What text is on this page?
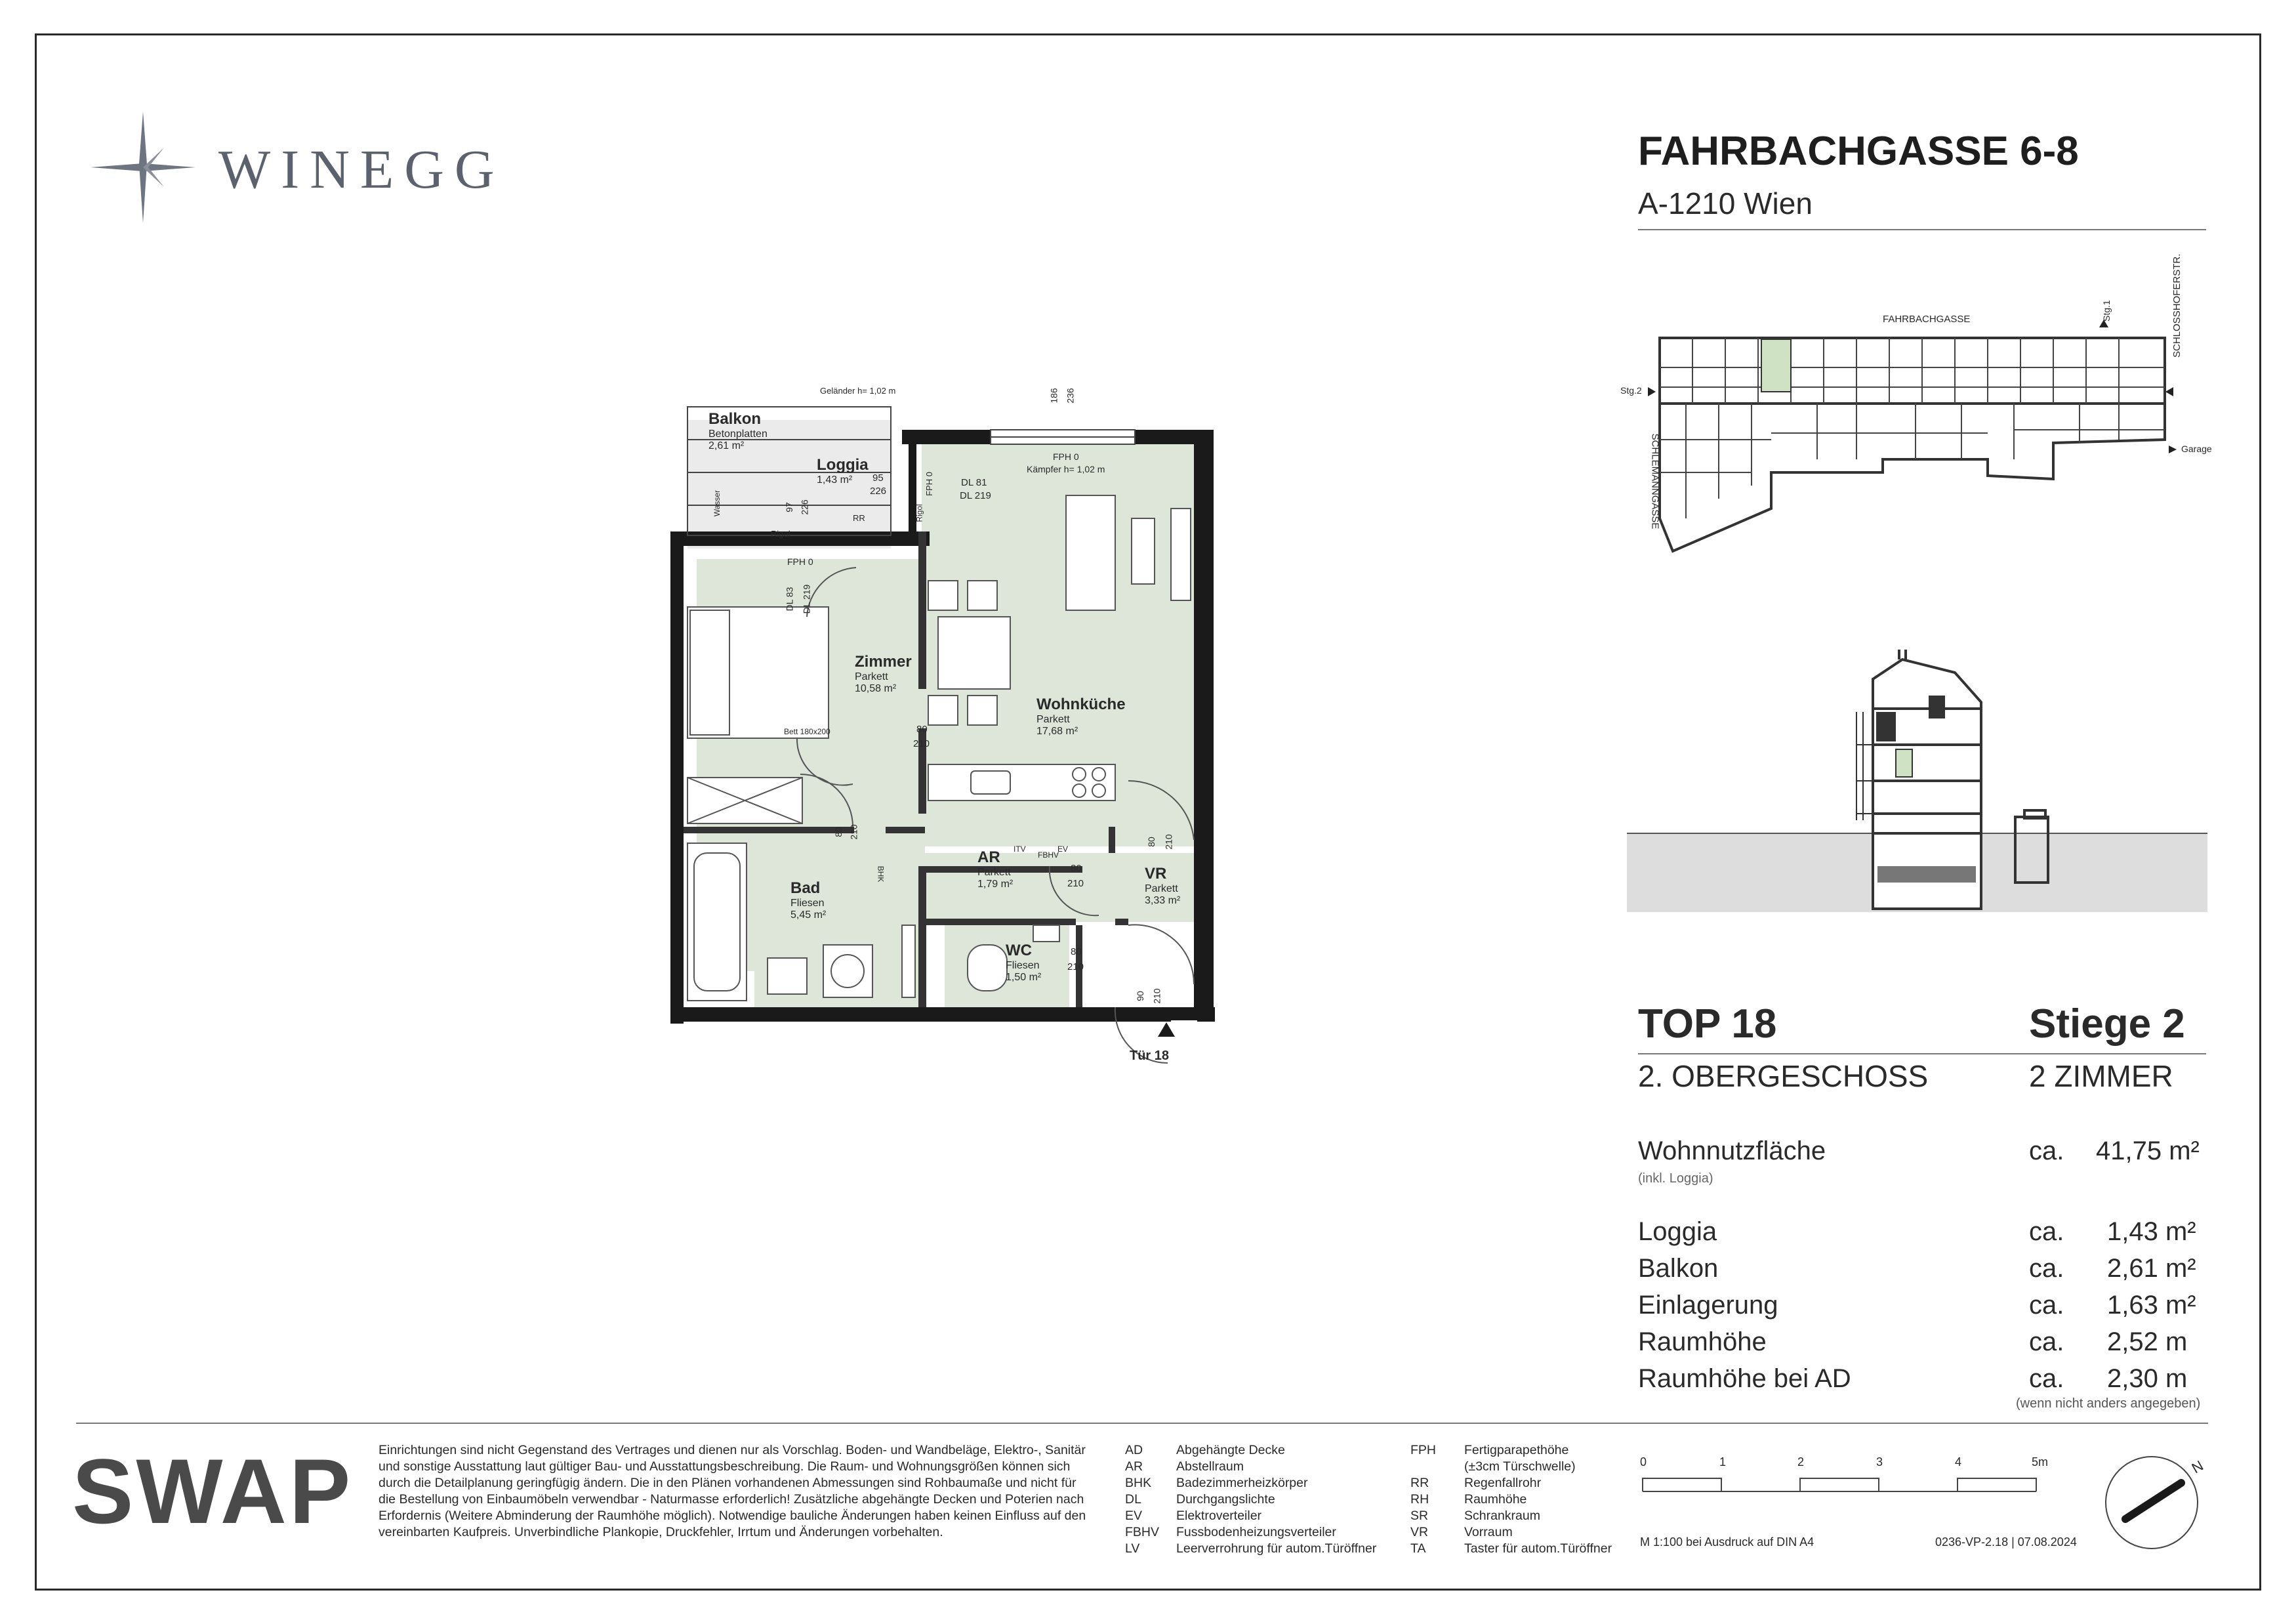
WINEGG	FAHRBACHGASSE 6-8
A-1210 Wien
FAHRBACHGASSE
SCHLEMANNGASSE
SCHLOSSHOFERSTR.
Stg.1
Stg.2
Garage
Balkon
Betonplatten
2,61 m²
Loggia
1,43 m²
Zimmer
Parkett
10,58 m²
Wohnküche
Parkett
17,68 m²
Bad
Fliesen
5,45 m²
AR
Parkett
1,79 m²
VR
Parkett
3,33 m²
WC
Fliesen
1,50 m²
Geländer h= 1,02 m	186 236
FPH 0
Kämpfer h= 1,02 m
DL 81
DL 219
FPH 0
FPH 0
DL 83 DL 219
95
226
97 226
Wasser
Rigol
Rigol
RR
Bett 180x200	80
210
80 210
80
210
80 210
80
210
90 210
BHK
ITV	EV
FBHV
Tür 18
TOP 18	Stiege 2
2. OBERGESCHOSS	2 ZIMMER
Wohnnutzfläche
(inkl. Loggia)
ca. 41,75 m²
Loggia	ca. 1,43 m²
Balkon	ca. 2,61 m²
Einlagerung	ca. 1,63 m²
Raumhöhe	ca. 2,52 m
Raumhöhe bei AD	ca. 2,30 m
(wenn nicht anders angegeben)
SWAP Einrichtungen sind nicht Gegenstand des Vertrages und dienen nur als Vorschlag. Boden- und Wandbeläge, Elektro-, Sanitär
und sonstige Ausstattung laut gültiger Bau- und Ausstattungsbeschreibung. Die Raum- und Wohnungsgrößen können sich
durch die Detailplanung geringfügig ändern. Die in den Plänen vorhandenen Abmessungen sind Rohbaumaße und nicht für
die Bestellung von Einbaumöbeln verwendbar - Naturmasse erforderlich! Zusätzliche abgehängte Decken und Poterien nach
Erfordernis (Weitere Abminderung der Raumhöhe möglich). Notwendige bauliche Änderungen haben keinen Einfluss auf den
vereinbarten Kaufpreis. Unverbindliche Plankopie, Druckfehler, Irrtum und Änderungen vorbehalten.
AD	Abgehängte Decke
AR	Abstellraum
BHK Badezimmerheizkörper
DL	Durchgangslichte
EV	Elektroverteiler
FBHV Fussbodenheizungsverteiler
LV	Leerverrohrung für autom.Türöffner
FPH Fertigparapethöhe
(±3cm Türschwelle)
RR	Regenfallrohr
RH	Raumhöhe
SR	Schrankraum
VR	Vorraum
TA	Taster für autom.Türöffner
0	1	2	3	4	5m
M 1:100 bei Ausdruck auf DIN A4	0236-VP-2.18 | 07.08.2024
N
